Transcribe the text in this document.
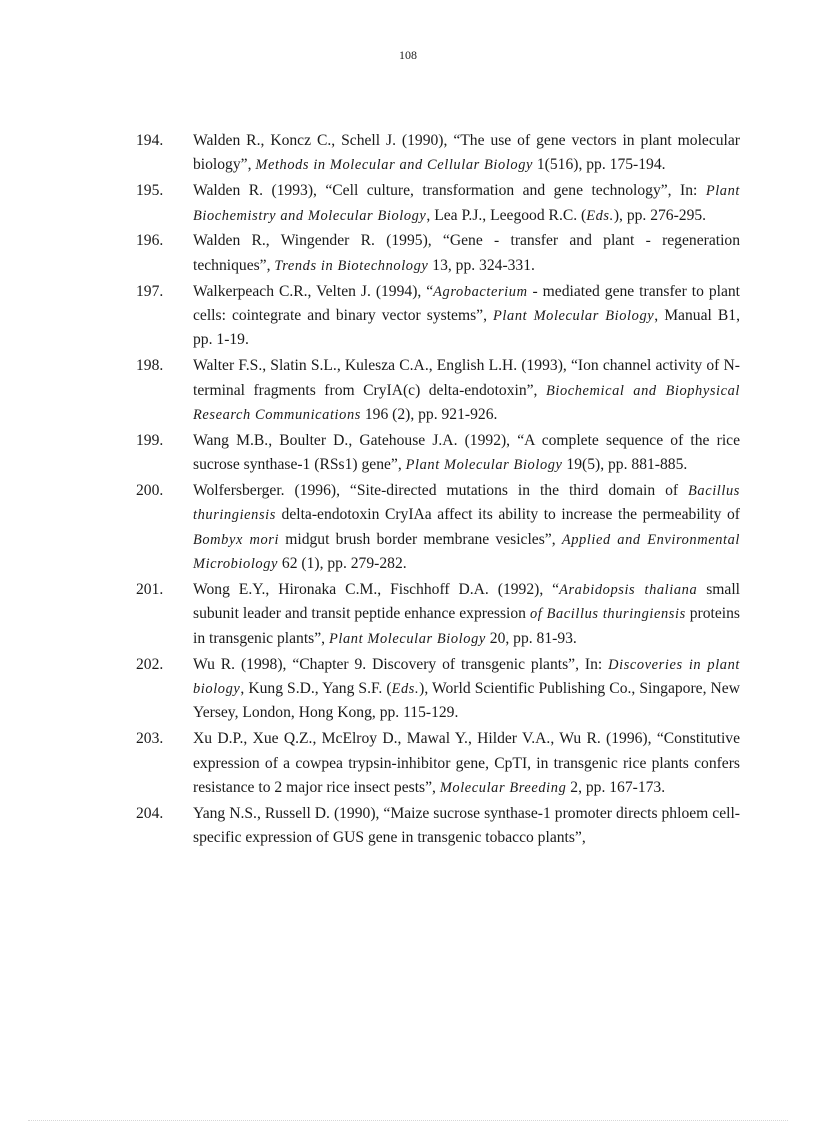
108
194.	Walden R., Koncz C., Schell J. (1990), “The use of gene vectors in plant molecular biology”, Methods in Molecular and Cellular Biology 1(516), pp. 175-194.
195.	Walden R. (1993), “Cell culture, transformation and gene technology”, In: Plant Biochemistry and Molecular Biology, Lea P.J., Leegood R.C. (Eds.), pp. 276-295.
196.	Walden R., Wingender R. (1995), “Gene - transfer and plant - regeneration techniques”, Trends in Biotechnology 13, pp. 324-331.
197.	Walkerpeach C.R., Velten J. (1994), “Agrobacterium - mediated gene transfer to plant cells: cointegrate and binary vector systems”, Plant Molecular Biology, Manual B1, pp. 1-19.
198.	Walter F.S., Slatin S.L., Kulesza C.A., English L.H. (1993), “Ion channel activity of N-terminal fragments from CryIA(c) delta-endotoxin”, Biochemical and Biophysical Research Communications 196 (2), pp. 921-926.
199.	Wang M.B., Boulter D., Gatehouse J.A. (1992), “A complete sequence of the rice sucrose synthase-1 (RSs1) gene”, Plant Molecular Biology 19(5), pp. 881-885.
200.	Wolfersberger. (1996), “Site-directed mutations in the third domain of Bacillus thuringiensis delta-endotoxin CryIAa affect its ability to increase the permeability of Bombyx mori midgut brush border membrane vesicles”, Applied and Environmental Microbiology 62 (1), pp. 279-282.
201.	Wong E.Y., Hironaka C.M., Fischhoff D.A. (1992), “Arabidopsis thaliana small subunit leader and transit peptide enhance expression of Bacillus thuringiensis proteins in transgenic plants”, Plant Molecular Biology 20, pp. 81-93.
202.	Wu R. (1998), “Chapter 9. Discovery of transgenic plants”, In: Discoveries in plant biology, Kung S.D., Yang S.F. (Eds.), World Scientific Publishing Co., Singapore, New Yersey, London, Hong Kong, pp. 115-129.
203.	Xu D.P., Xue Q.Z., McElroy D., Mawal Y., Hilder V.A., Wu R. (1996), “Constitutive expression of a cowpea trypsin-inhibitor gene, CpTI, in transgenic rice plants confers resistance to 2 major rice insect pests”, Molecular Breeding 2, pp. 167-173.
204.	Yang N.S., Russell D. (1990), “Maize sucrose synthase-1 promoter directs phloem cell-specific expression of GUS gene in transgenic tobacco plants”,
